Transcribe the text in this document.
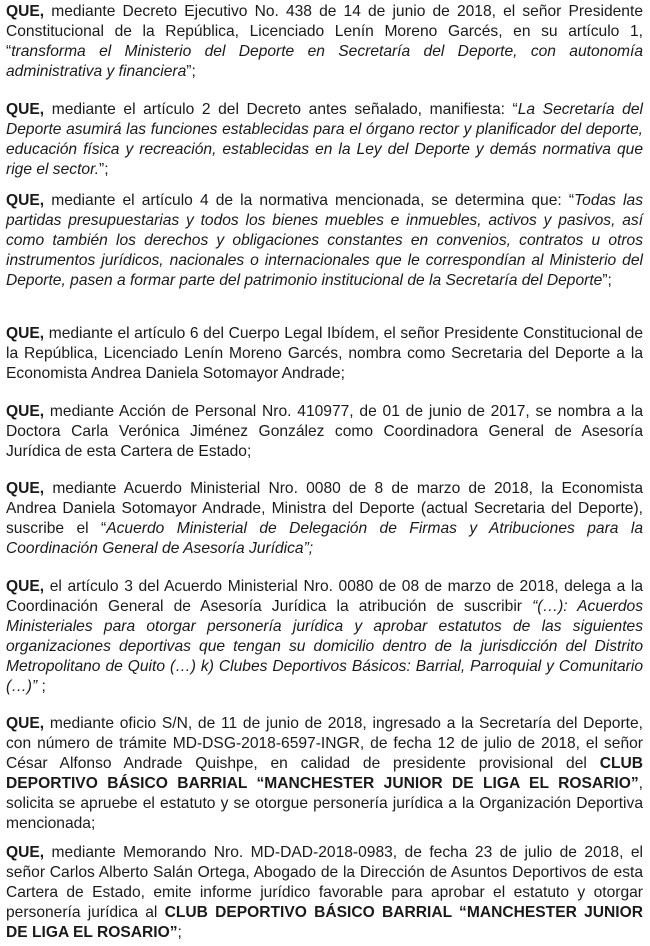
QUE, mediante Decreto Ejecutivo No. 438 de 14 de junio de 2018, el señor Presidente Constitucional de la República, Licenciado Lenín Moreno Garcés, en su artículo 1, “transforma el Ministerio del Deporte en Secretaría del Deporte, con autonomía administrativa y financiera”;

QUE, mediante el artículo 2 del Decreto antes señalado, manifiesta: “La Secretaría del Deporte asumirá las funciones establecidas para el órgano rector y planificador del deporte, educación física y recreación, establecidas en la Ley del Deporte y demás normativa que rige el sector.”;

QUE, mediante el artículo 4 de la normativa mencionada, se determina que: “Todas las partidas presupuestarias y todos los bienes muebles e inmuebles, activos y pasivos, así como también los derechos y obligaciones constantes en convenios, contratos u otros instrumentos jurídicos, nacionales o internacionales que le correspondían al Ministerio del Deporte, pasen a formar parte del patrimonio institucional de la Secretaría del Deporte”;

QUE, mediante el artículo 6 del Cuerpo Legal Ibídem, el señor Presidente Constitucional de la República, Licenciado Lenín Moreno Garcés, nombra como Secretaria del Deporte a la Economista Andrea Daniela Sotomayor Andrade;

QUE, mediante Acción de Personal Nro. 410977, de 01 de junio de 2017, se nombra a la Doctora Carla Verónica Jiménez González como Coordinadora General de Asesoría Jurídica de esta Cartera de Estado;

QUE, mediante Acuerdo Ministerial Nro. 0080 de 8 de marzo de 2018, la Economista Andrea Daniela Sotomayor Andrade, Ministra del Deporte (actual Secretaria del Deporte), suscribe el “Acuerdo Ministerial de Delegación de Firmas y Atribuciones para la Coordinación General de Asesoría Jurídica”;

QUE, el artículo 3 del Acuerdo Ministerial Nro. 0080 de 08 de marzo de 2018, delega a la Coordinación General de Asesoría Jurídica la atribución de suscribir “(…): Acuerdos Ministeriales para otorgar personería jurídica y aprobar estatutos de las siguientes organizaciones deportivas que tengan su domicilio dentro de la jurisdicción del Distrito Metropolitano de Quito (…) k) Clubes Deportivos Básicos: Barrial, Parroquial y Comunitario (…)” ;

QUE, mediante oficio S/N, de 11 de junio de 2018, ingresado a la Secretaría del Deporte, con número de trámite MD-DSG-2018-6597-INGR, de fecha 12 de julio de 2018, el señor César Alfonso Andrade Quishpe, en calidad de presidente provisional del CLUB DEPORTIVO BÁSICO BARRIAL “MANCHESTER JUNIOR DE LIGA EL ROSARIO”, solicita se apruebe el estatuto y se otorgue personería jurídica a la Organización Deportiva mencionada;

QUE, mediante Memorando Nro. MD-DAD-2018-0983, de fecha 23 de julio de 2018, el señor Carlos Alberto Salán Ortega, Abogado de la Dirección de Asuntos Deportivos de esta Cartera de Estado, emite informe jurídico favorable para aprobar el estatuto y otorgar personería jurídica al CLUB DEPORTIVO BÁSICO BARRIAL “MANCHESTER JUNIOR DE LIGA EL ROSARIO”;
